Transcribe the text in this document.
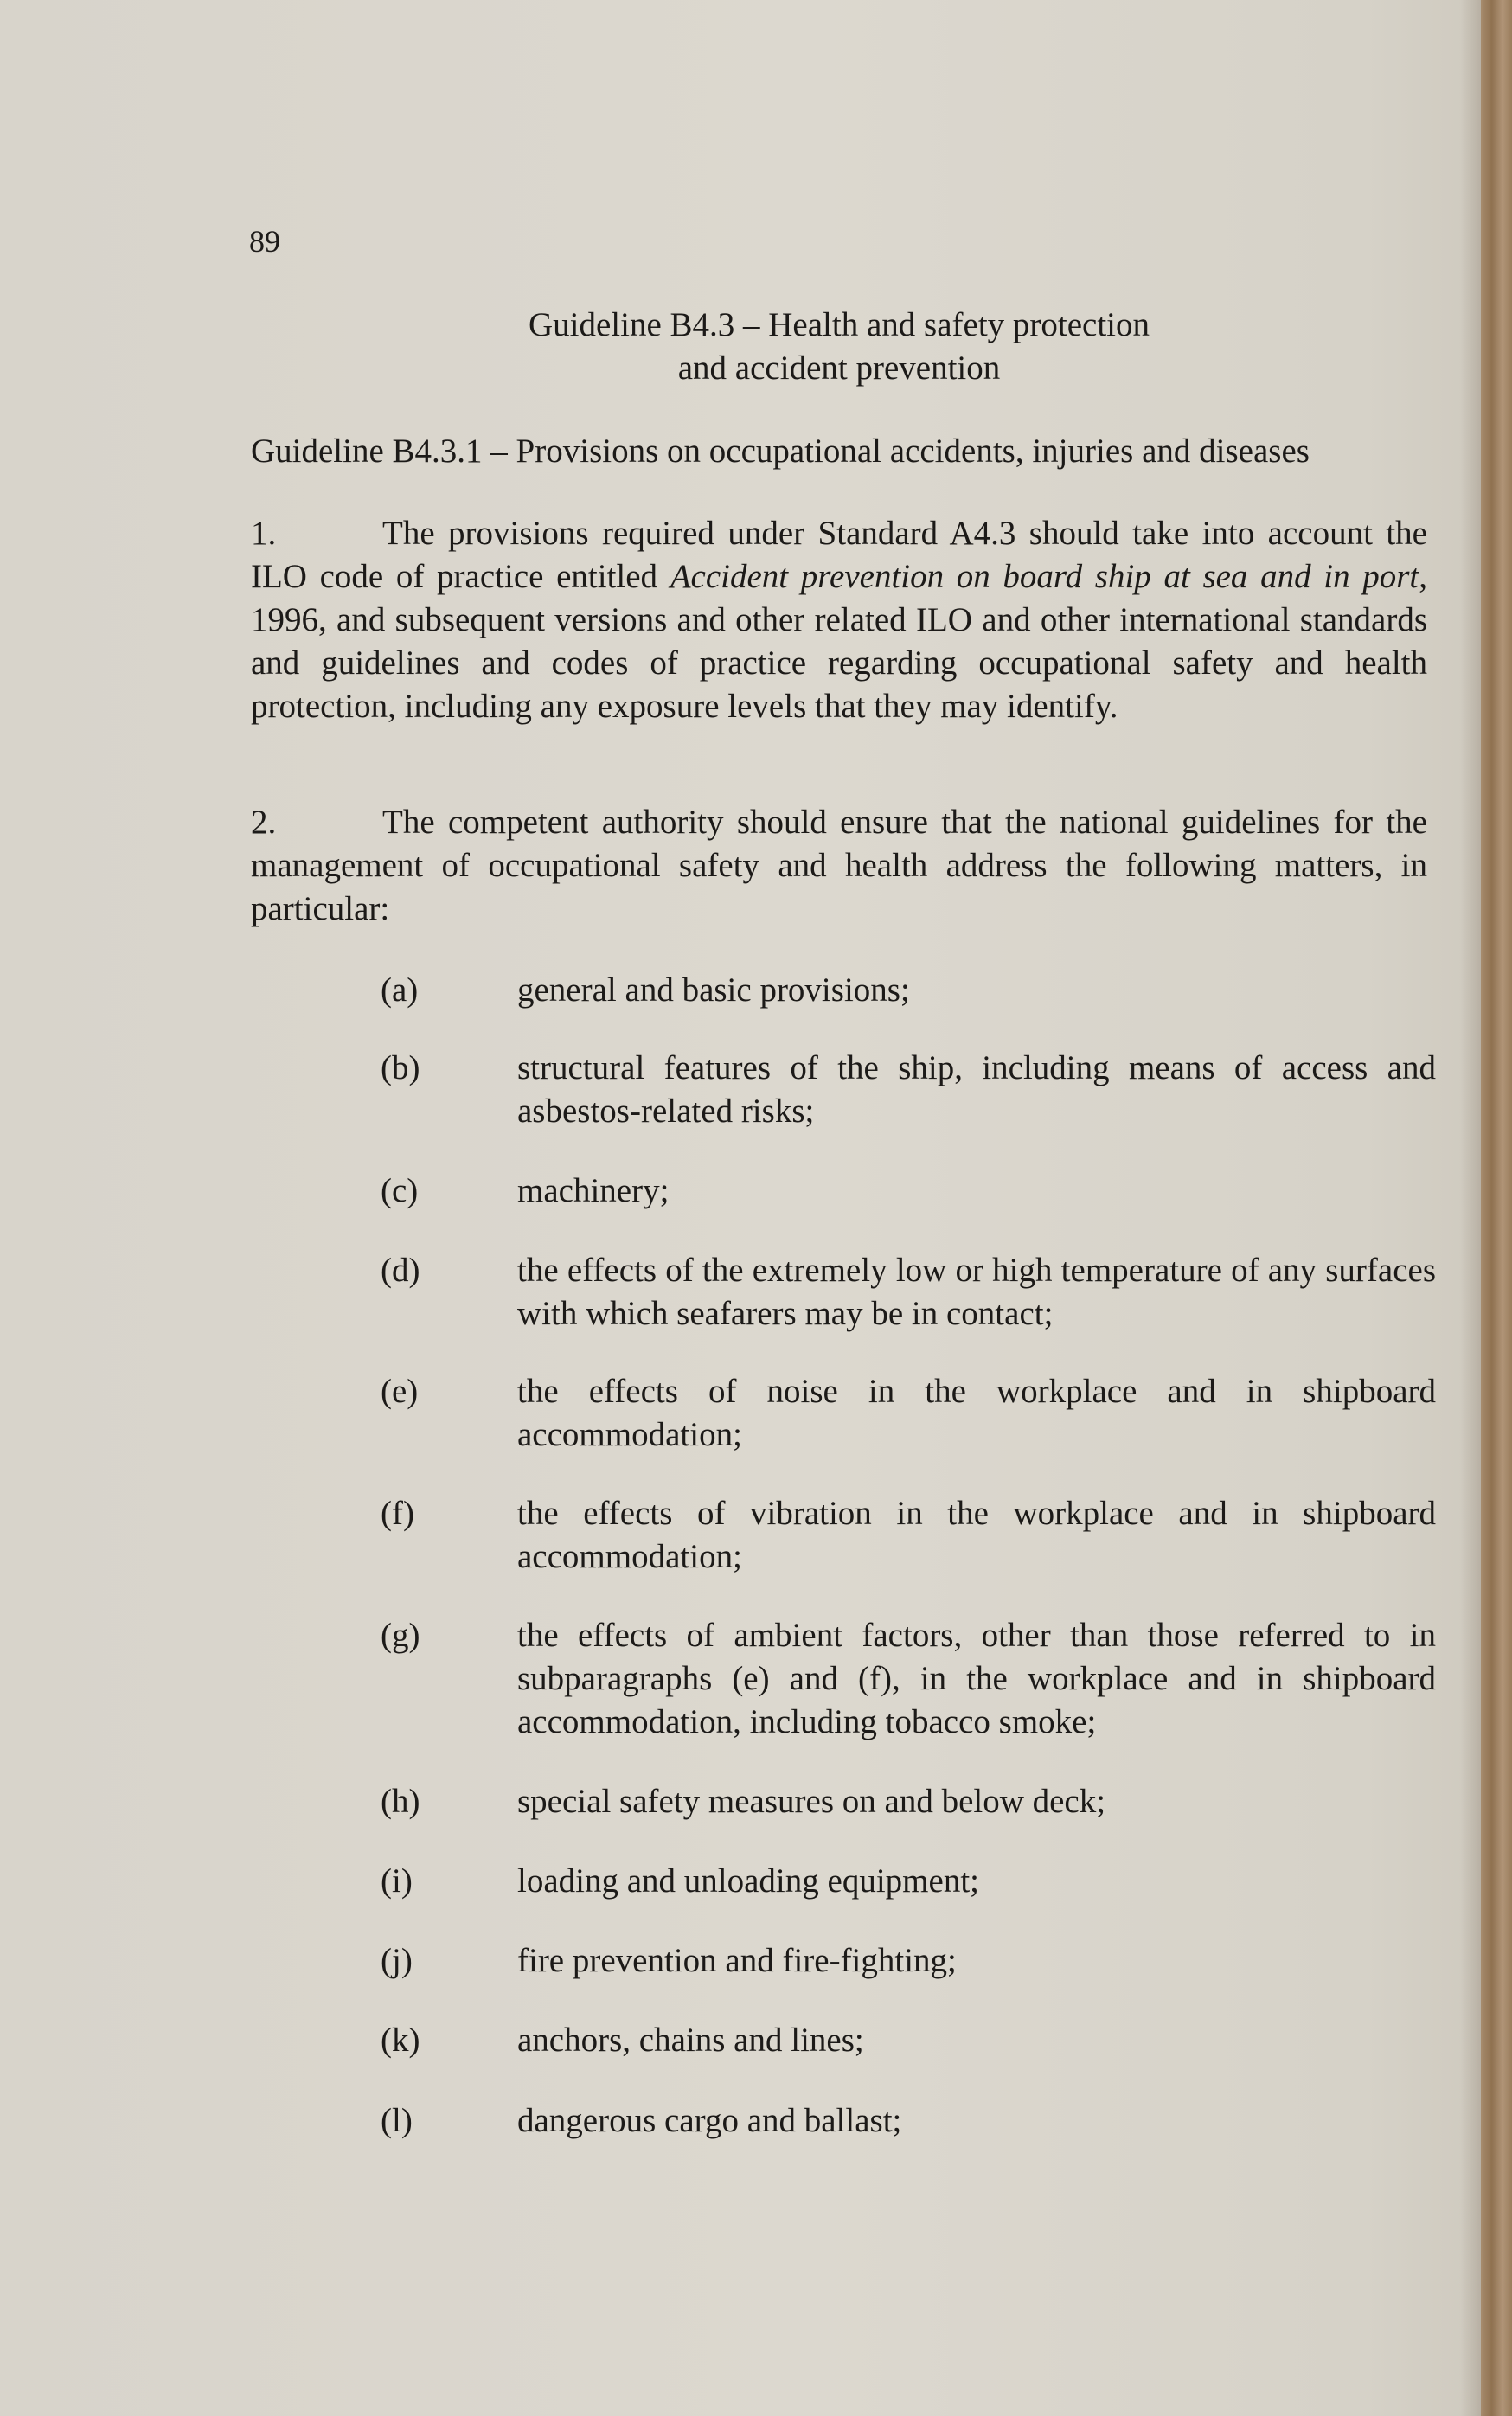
89
Guideline B4.3 – Health and safety protection
and accident prevention
Guideline B4.3.1 – Provisions on occupational accidents, injuries and diseases
1.	The provisions required under Standard A4.3 should take into account the ILO code of practice entitled Accident prevention on board ship at sea and in port, 1996, and subsequent versions and other related ILO and other international standards and guidelines and codes of practice regarding occupational safety and health protection, including any exposure levels that they may identify.
2.	The competent authority should ensure that the national guidelines for the management of occupational safety and health address the following matters, in particular:
(a)	general and basic provisions;
(b)	structural features of the ship, including means of access and asbestos-related risks;
(c)	machinery;
(d)	the effects of the extremely low or high temperature of any surfaces with which seafarers may be in contact;
(e)	the effects of noise in the workplace and in shipboard accommodation;
(f)	the effects of vibration in the workplace and in shipboard accommodation;
(g)	the effects of ambient factors, other than those referred to in subparagraphs (e) and (f), in the workplace and in shipboard accommodation, including tobacco smoke;
(h)	special safety measures on and below deck;
(i)	loading and unloading equipment;
(j)	fire prevention and fire-fighting;
(k)	anchors, chains and lines;
(l)	dangerous cargo and ballast;
